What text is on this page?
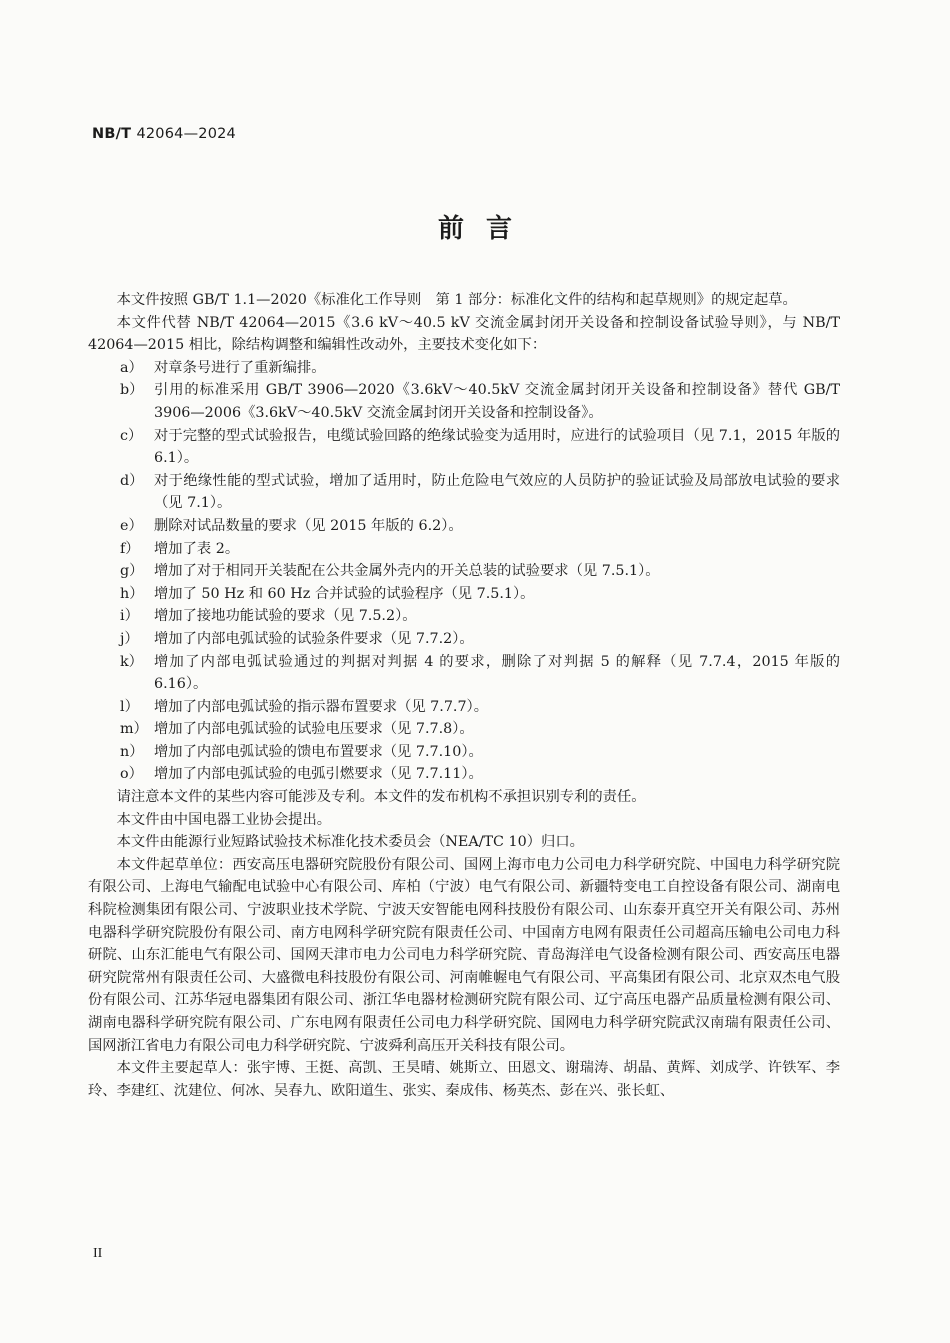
NB/T 42064—2024
前言

本文件按照 GB/T 1.1—2020《标准化工作导则　第 1 部分：标准化文件的结构和起草规则》的规定起草。

本文件代替 NB/T 42064—2015《3.6 kV～40.5 kV 交流金属封闭开关设备和控制设备试验导则》，与 NB/T 42064—2015 相比，除结构调整和编辑性改动外，主要技术变化如下：

a） 对章条号进行了重新编排。
b） 引用的标准采用 GB/T 3906—2020《3.6kV～40.5kV 交流金属封闭开关设备和控制设备》替代 GB/T 3906—2006《3.6kV～40.5kV 交流金属封闭开关设备和控制设备》。
c） 对于完整的型式试验报告，电缆试验回路的绝缘试验变为适用时，应进行的试验项目（见 7.1，2015 年版的 6.1）。
d） 对于绝缘性能的型式试验，增加了适用时，防止危险电气效应的人员防护的验证试验及局部放电试验的要求（见 7.1）。
e） 删除对试品数量的要求（见 2015 年版的 6.2）。
f） 增加了表 2。
g） 增加了对于相同开关装配在公共金属外壳内的开关总装的试验要求（见 7.5.1）。
h） 增加了 50 Hz 和 60 Hz 合并试验的试验程序（见 7.5.1）。
i） 增加了接地功能试验的要求（见 7.5.2）。
j） 增加了内部电弧试验的试验条件要求（见 7.7.2）。
k） 增加了内部电弧试验通过的判据对判据 4 的要求，删除了对判据 5 的解释（见 7.7.4，2015 年版的 6.16）。
l） 增加了内部电弧试验的指示器布置要求（见 7.7.7）。
m） 增加了内部电弧试验的试验电压要求（见 7.7.8）。
n） 增加了内部电弧试验的馈电布置要求（见 7.7.10）。
o） 增加了内部电弧试验的电弧引燃要求（见 7.7.11）。

请注意本文件的某些内容可能涉及专利。本文件的发布机构不承担识别专利的责任。

本文件由中国电器工业协会提出。

本文件由能源行业短路试验技术标准化技术委员会（NEA/TC 10）归口。

本文件起草单位：西安高压电器研究院股份有限公司、国网上海市电力公司电力科学研究院、中国电力科学研究院有限公司、上海电气输配电试验中心有限公司、库柏（宁波）电气有限公司、新疆特变电工自控设备有限公司、湖南电科院检测集团有限公司、宁波职业技术学院、宁波天安智能电网科技股份有限公司、山东泰开真空开关有限公司、苏州电器科学研究院股份有限公司、南方电网科学研究院有限责任公司、中国南方电网有限责任公司超高压输电公司电力科研院、山东汇能电气有限公司、国网天津市电力公司电力科学研究院、青岛海洋电气设备检测有限公司、西安高压电器研究院常州有限责任公司、大盛微电科技股份有限公司、河南帷幄电气有限公司、平高集团有限公司、北京双杰电气股份有限公司、江苏华冠电器集团有限公司、浙江华电器材检测研究院有限公司、辽宁高压电器产品质量检测有限公司、湖南电器科学研究院有限公司、广东电网有限责任公司电力科学研究院、国网电力科学研究院武汉南瑞有限责任公司、国网浙江省电力有限公司电力科学研究院、宁波舜利高压开关科技有限公司。

本文件主要起草人：张宇博、王挺、高凯、王昊晴、姚斯立、田恩文、谢瑞涛、胡晶、黄辉、刘成学、许铁军、李玲、李建红、沈建位、何冰、吴春九、欧阳道生、张实、秦成伟、杨英杰、彭在兴、张长虹、

II
